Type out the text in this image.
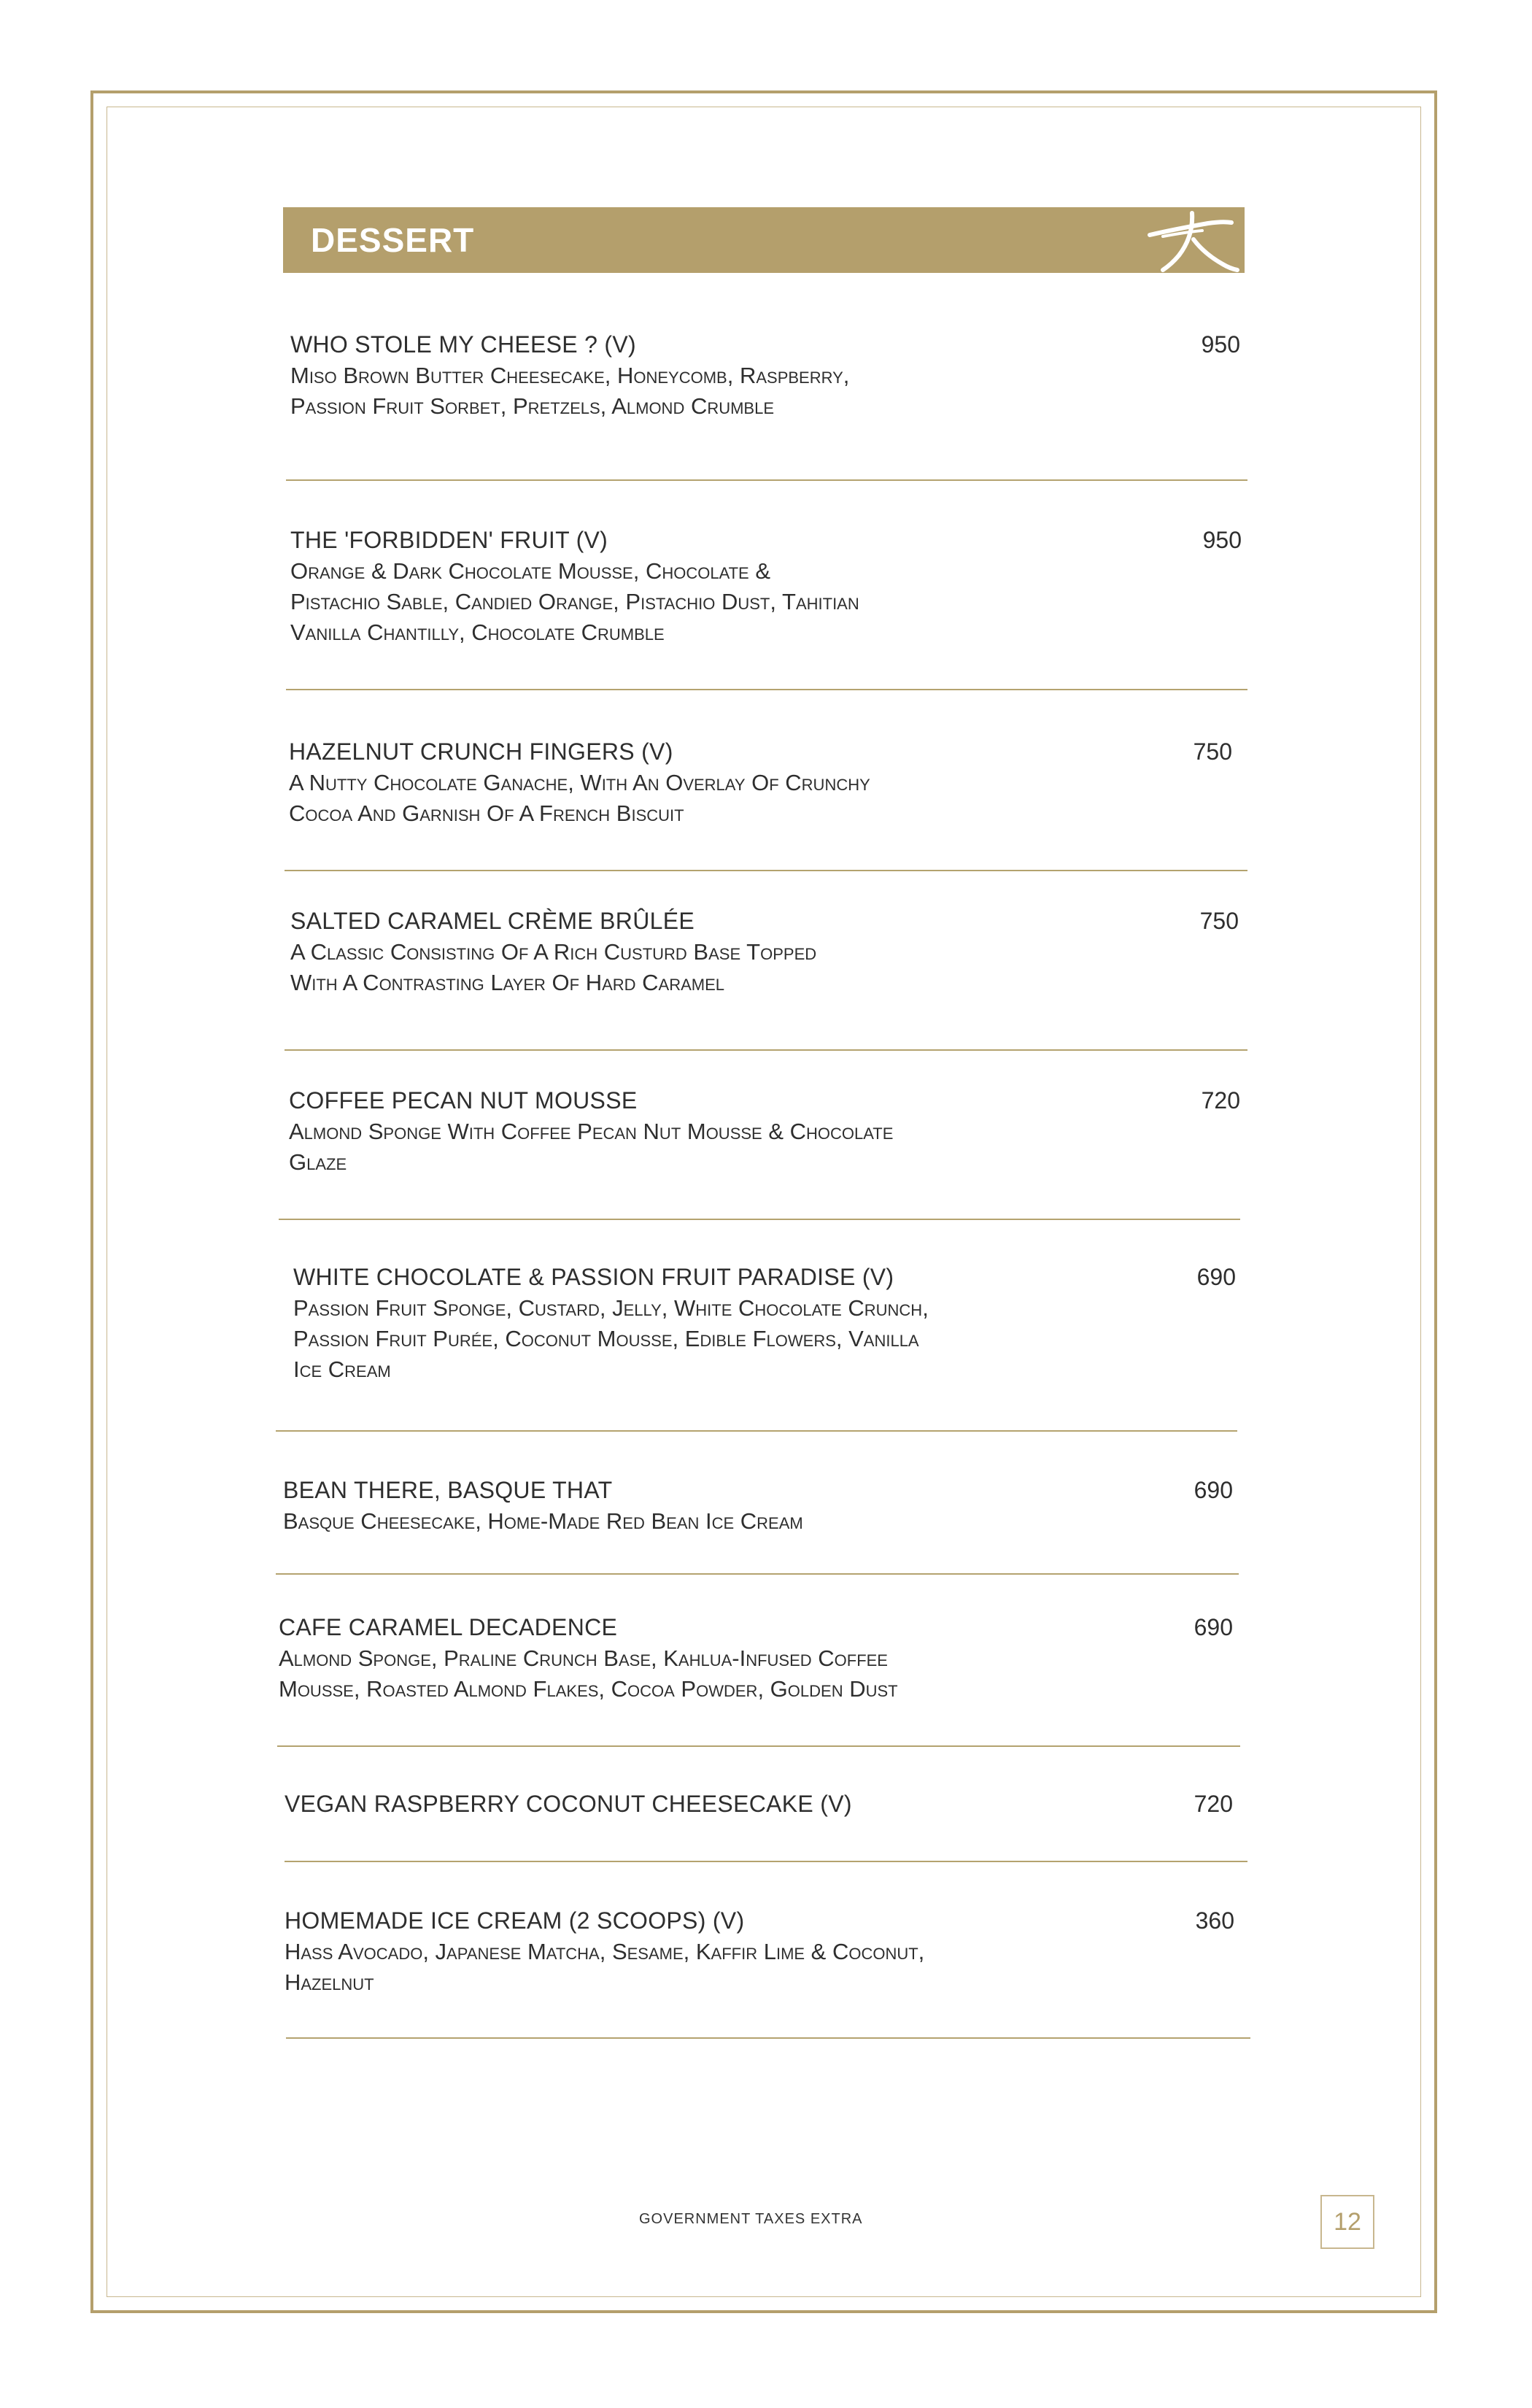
DESSERT
WHO STOLE MY CHEESE ? (V)
Miso Brown Butter Cheesecake, Honeycomb, Raspberry,
Passion Fruit Sorbet, Pretzels, Almond Crumble
950
THE 'FORBIDDEN' FRUIT (V)
Orange & Dark Chocolate Mousse, Chocolate &
Pistachio Sable, Candied Orange, Pistachio Dust, Tahitian
Vanilla Chantilly, Chocolate Crumble
950
HAZELNUT CRUNCH FINGERS (V)
A Nutty Chocolate Ganache, With An Overlay Of Crunchy
Cocoa And Garnish Of A French Biscuit
750
SALTED CARAMEL CRÈME BRÛLÉE
A Classic Consisting Of A Rich Custurd Base Topped
With A Contrasting Layer Of Hard Caramel
750
COFFEE PECAN NUT MOUSSE
Almond Sponge With Coffee Pecan Nut Mousse & Chocolate
Glaze
720
WHITE CHOCOLATE & PASSION FRUIT PARADISE (V)
Passion Fruit Sponge, Custard, Jelly, White Chocolate Crunch,
Passion Fruit Purée, Coconut Mousse, Edible Flowers, Vanilla
Ice Cream
690
BEAN THERE, BASQUE THAT
Basque Cheesecake, Home-Made Red Bean Ice Cream
690
CAFE CARAMEL DECADENCE
Almond Sponge, Praline Crunch Base, Kahlua-Infused Coffee
Mousse, Roasted Almond Flakes, Cocoa Powder, Golden Dust
690
VEGAN RASPBERRY COCONUT CHEESECAKE (V)	720
HOMEMADE ICE CREAM (2 SCOOPS) (V)
Hass Avocado, Japanese Matcha, Sesame, Kaffir Lime & Coconut,
Hazelnut
360
GOVERNMENT TAXES EXTRA	12
